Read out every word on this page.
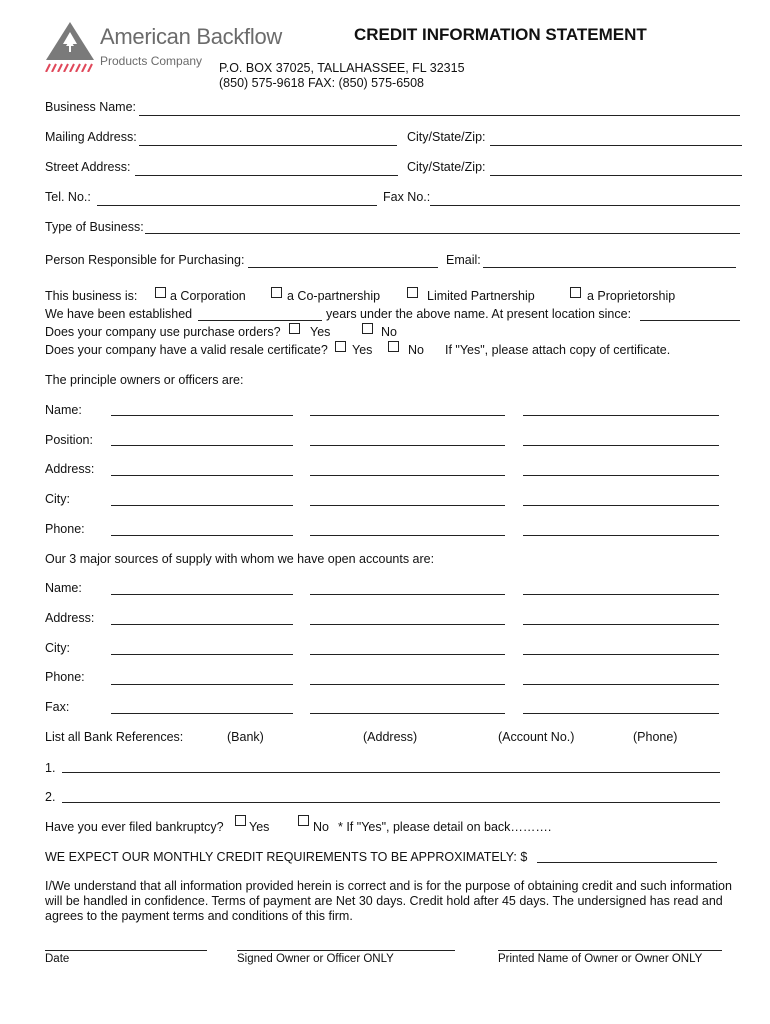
American Backflow
Products Company
CREDIT INFORMATION STATEMENT
P.O. BOX 37025, TALLAHASSEE, FL 32315
(850) 575-9618 FAX: (850) 575-6508
Business Name:
Mailing Address:	City/State/Zip:
Street Address:	City/State/Zip:
Tel. No.:	Fax No.:
Type of Business:
Person Responsible for Purchasing:	Email:
This business is:	a Corporation	a Co-partnership	Limited Partnership	a Proprietorship
We have been established	years under the above name. At present location since:
Does your company use purchase orders? Yes	No
Does your company have a valid resale certificate? Yes	No If "Yes", please attach copy of certificate.
The principle owners or officers are:
Name:
Position:
Address:
City:
Phone:
Our 3 major sources of supply with whom we have open accounts are:
Name:
Address:
City:
Phone:
Fax:
List all Bank References:	(Bank)	(Address)	(Account No.)	(Phone)
1.
2.
Have you ever filed bankruptcy? Yes	No * If "Yes", please detail on back……….
WE EXPECT OUR MONTHLY CREDIT REQUIREMENTS TO BE APPROXIMATELY: $
I/We understand that all information provided herein is correct and is for the purpose of obtaining credit and such information
will be handled in confidence. Terms of payment are Net 30 days. Credit hold after 45 days. The undersigned has read and
agrees to the payment terms and conditions of this firm.
Date	Signed Owner or Officer ONLY	Printed Name of Owner or Owner ONLY
